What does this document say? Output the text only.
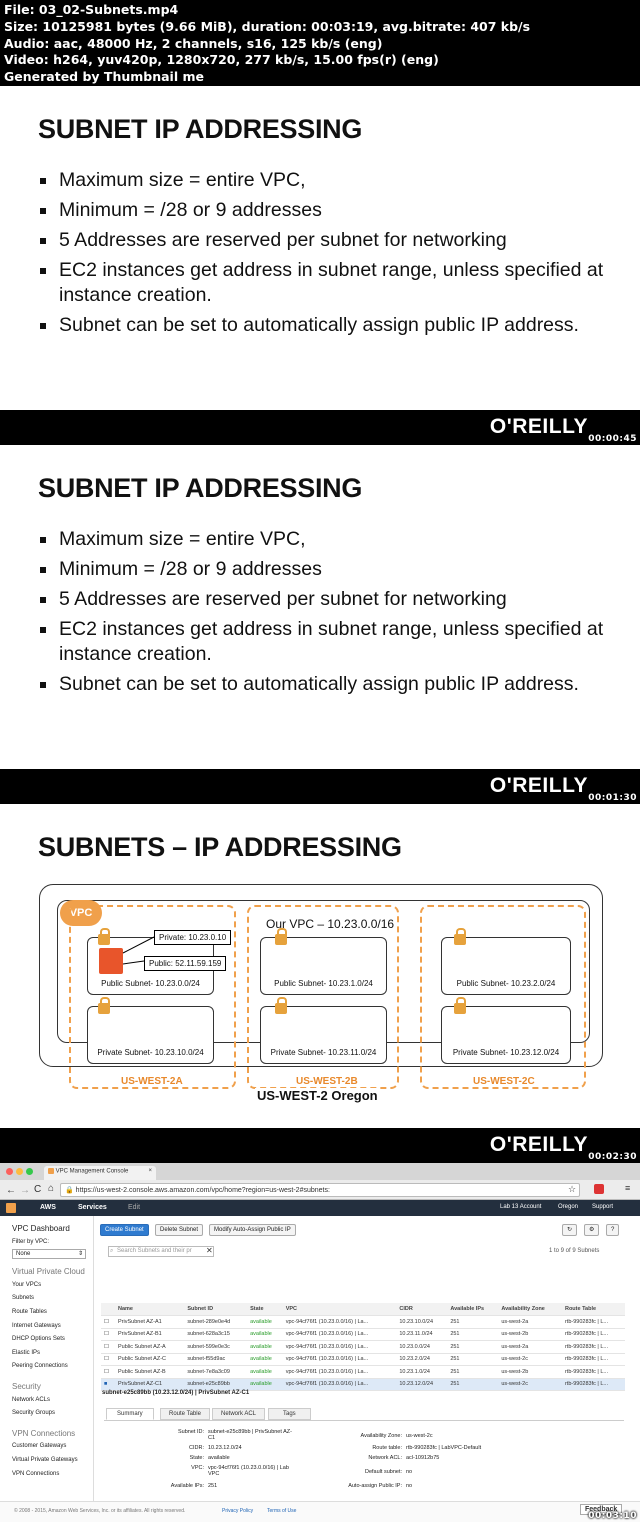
File: 03_02-Subnets.mp4
Size: 10125981 bytes (9.66 MiB), duration: 00:03:19, avg.bitrate: 407 kb/s
Audio: aac, 48000 Hz, 2 channels, s16, 125 kb/s (eng)
Video: h264, yuv420p, 1280x720, 277 kb/s, 15.00 fps(r) (eng)
Generated by Thumbnail me
SUBNET IP ADDRESSING
Maximum size = entire VPC,
Minimum = /28 or 9 addresses
5 Addresses are reserved per subnet for networking
EC2 instances get address in subnet range, unless specified at instance creation.
Subnet can be set to automatically assign public IP address.
O'REILLY
00:00:45
SUBNET IP ADDRESSING
Maximum size = entire VPC,
Minimum = /28 or 9 addresses
5 Addresses are reserved per subnet for networking
EC2 instances get address in subnet range, unless specified at instance creation.
Subnet can be set to automatically assign public IP address.
O'REILLY
00:01:30
SUBNETS – IP ADDRESSING
VPC
Our VPC – 10.23.0.0/16
Public Subnet- 10.23.0.0/24	Public Subnet- 10.23.1.0/24	Public Subnet- 10.23.2.0/24
Private Subnet- 10.23.10.0/24	Private Subnet- 10.23.11.0/24	Private Subnet- 10.23.12.0/24
Private: 10.23.0.10
Public: 52.11.59.159
US-WEST-2A	US-WEST-2B	US-WEST-2C
US-WEST-2 Oregon
O'REILLY
00:02:30
VPC Management Console	×
← → C ⌂	🔒 https://us-west-2.console.aws.amazon.com/vpc/home?region=us-west-2#subnets:	☆	≡
AWS	Services	Edit	Lab 13 Account	Oregon Support
VPC Dashboard
Filter by VPC:
None	⇕
Virtual Private Cloud
Your VPCs
Subnets
Route Tables
Internet Gateways
DHCP Options Sets
Elastic IPs
Peering Connections
Security
Network ACLs
Security Groups
VPN Connections
Customer Gateways
Virtual Private Gateways
VPN Connections
Create Subnet	Delete Subnet	Modify Auto-Assign Public IP	↻	⚙	?
⌕ Search Subnets and their pr	✕	1 to 9 of 9 Subnets
	Name	Subnet ID	State	VPC	CIDR	Available IPs	Availability Zone	Route Table
☐	PrivSubnet AZ-A1	subnet-289e0e4d	available	vpc-94cf76f1 (10.23.0.0/16) | La...	10.23.10.0/24	251	us-west-2a	rtb-990283fc | L...
☐	PrivSubnet AZ-B1	subnet-628a3c15	available	vpc-94cf76f1 (10.23.0.0/16) | La...	10.23.11.0/24	251	us-west-2b	rtb-990283fc | L...
☐	Public Subnet AZ-A	subnet-599e0e3c	available	vpc-94cf76f1 (10.23.0.0/16) | La...	10.23.0.0/24	251	us-west-2a	rtb-990283fc | L...
☐	Public Subnet AZ-C	subnet-f55d9ac	available	vpc-94cf76f1 (10.23.0.0/16) | La...	10.23.2.0/24	251	us-west-2c	rtb-990283fc | L...
☐	Public Subnet AZ-B	subnet-7e8a3c09	available	vpc-94cf76f1 (10.23.0.0/16) | La...	10.23.1.0/24	251	us-west-2b	rtb-990283fc | L...
■	PrivSubnet AZ-C1	subnet-e25c89bb	available	vpc-94cf76f1 (10.23.0.0/16) | La...	10.23.12.0/24	251	us-west-2c	rtb-990283fc | L...
subnet-e25c89bb (10.23.12.0/24) | PrivSubnet AZ-C1
Summary	Route Table	Network ACL	Tags
Subnet ID: subnet-e25c89bb | PrivSubnet AZ-C1
CIDR: 10.23.12.0/24
State: available
VPC: vpc-94cf76f1 (10.23.0.0/16) | Lab VPC
Available IPs: 251
Availability Zone: us-west-2c
Route table: rtb-990283fc | LabVPC-Default
Network ACL: acl-10912b75
Default subnet: no
Auto-assign Public IP: no
© 2008 - 2015, Amazon Web Services, Inc. or its affiliates. All rights reserved.	Privacy Policy	Terms of Use	Feedback
00:03:10
